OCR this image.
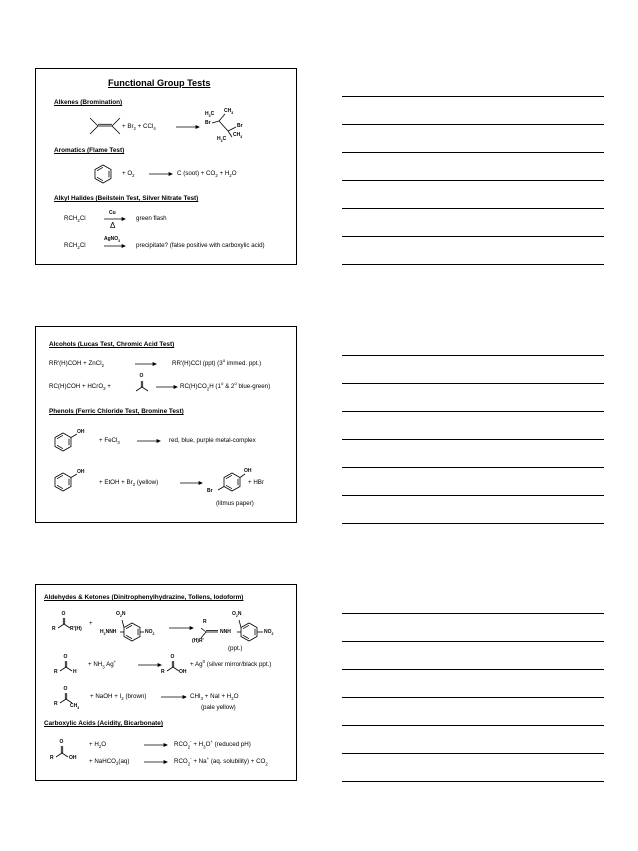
Functional Group Tests
Alkenes (Bromination)
+ $Br_2 + CCl_4$
$H_3C$ $CH_3$
Br	Br
$H_3C$
$CH_3$
Aromatics (Flame Test)
+ $O_2$	C (soot) + $CO_2 + H_2O$
Alkyl Halides (Beilstein Test, Silver Nitrate Test)
$RCH_2Cl$
Cu
Δ
green flash
$RCH_2Cl$
AgNO$_3$
precipitate? (false positive with carboxylic acid)
Alcohols (Lucas Test, Chromic Acid Test)
RR'(H)COH + ZnCl$_2$	RR'(H)CCl (ppt) (3$^o$ immed. ppt.)
RC(H)COH + HCrO$_3$ +
O
$RC(H)CO_2H$ (1$^o$ & 2$^o$ blue-green)
Phenols (Ferric Chloride Test, Bromine Test)
OH
+ FeCl$_3$	red, blue, purple metal-complex
OH
+ EtOH + $Br_2$ (yellow)
OH
Br
+ HBr
(litmus paper)
Aldehydes & Ketones (Dinitrophenylhydrazine, Tollens, Iodoform)
O
R	R'(H)
+
$O_2N$
$H_2NNH$	$NO_2$
$O_2N$
R
NNH	$NO_2$
(H)R'
(ppt.)
O
R	H
+ $NH_3$ Ag+
O
R	OH
+ $Ag^0$ (silver mirror/black ppt.)
O
R $CH_3$
+ NaOH + $I_2$ (brown)	$CHI_3$ + NaI + $H_2O$
(pale yellow)
Carboxylic Acids (Acidity, Bicarbonate)
O
R	OH
+ $H_2O$	$RCO_2^- + H_3O^+$ (reduced pH)
+ NaHCO$_3$(aq)	$RCO_2^- + Na^+$ (aq. solubility) + $CO_2$
